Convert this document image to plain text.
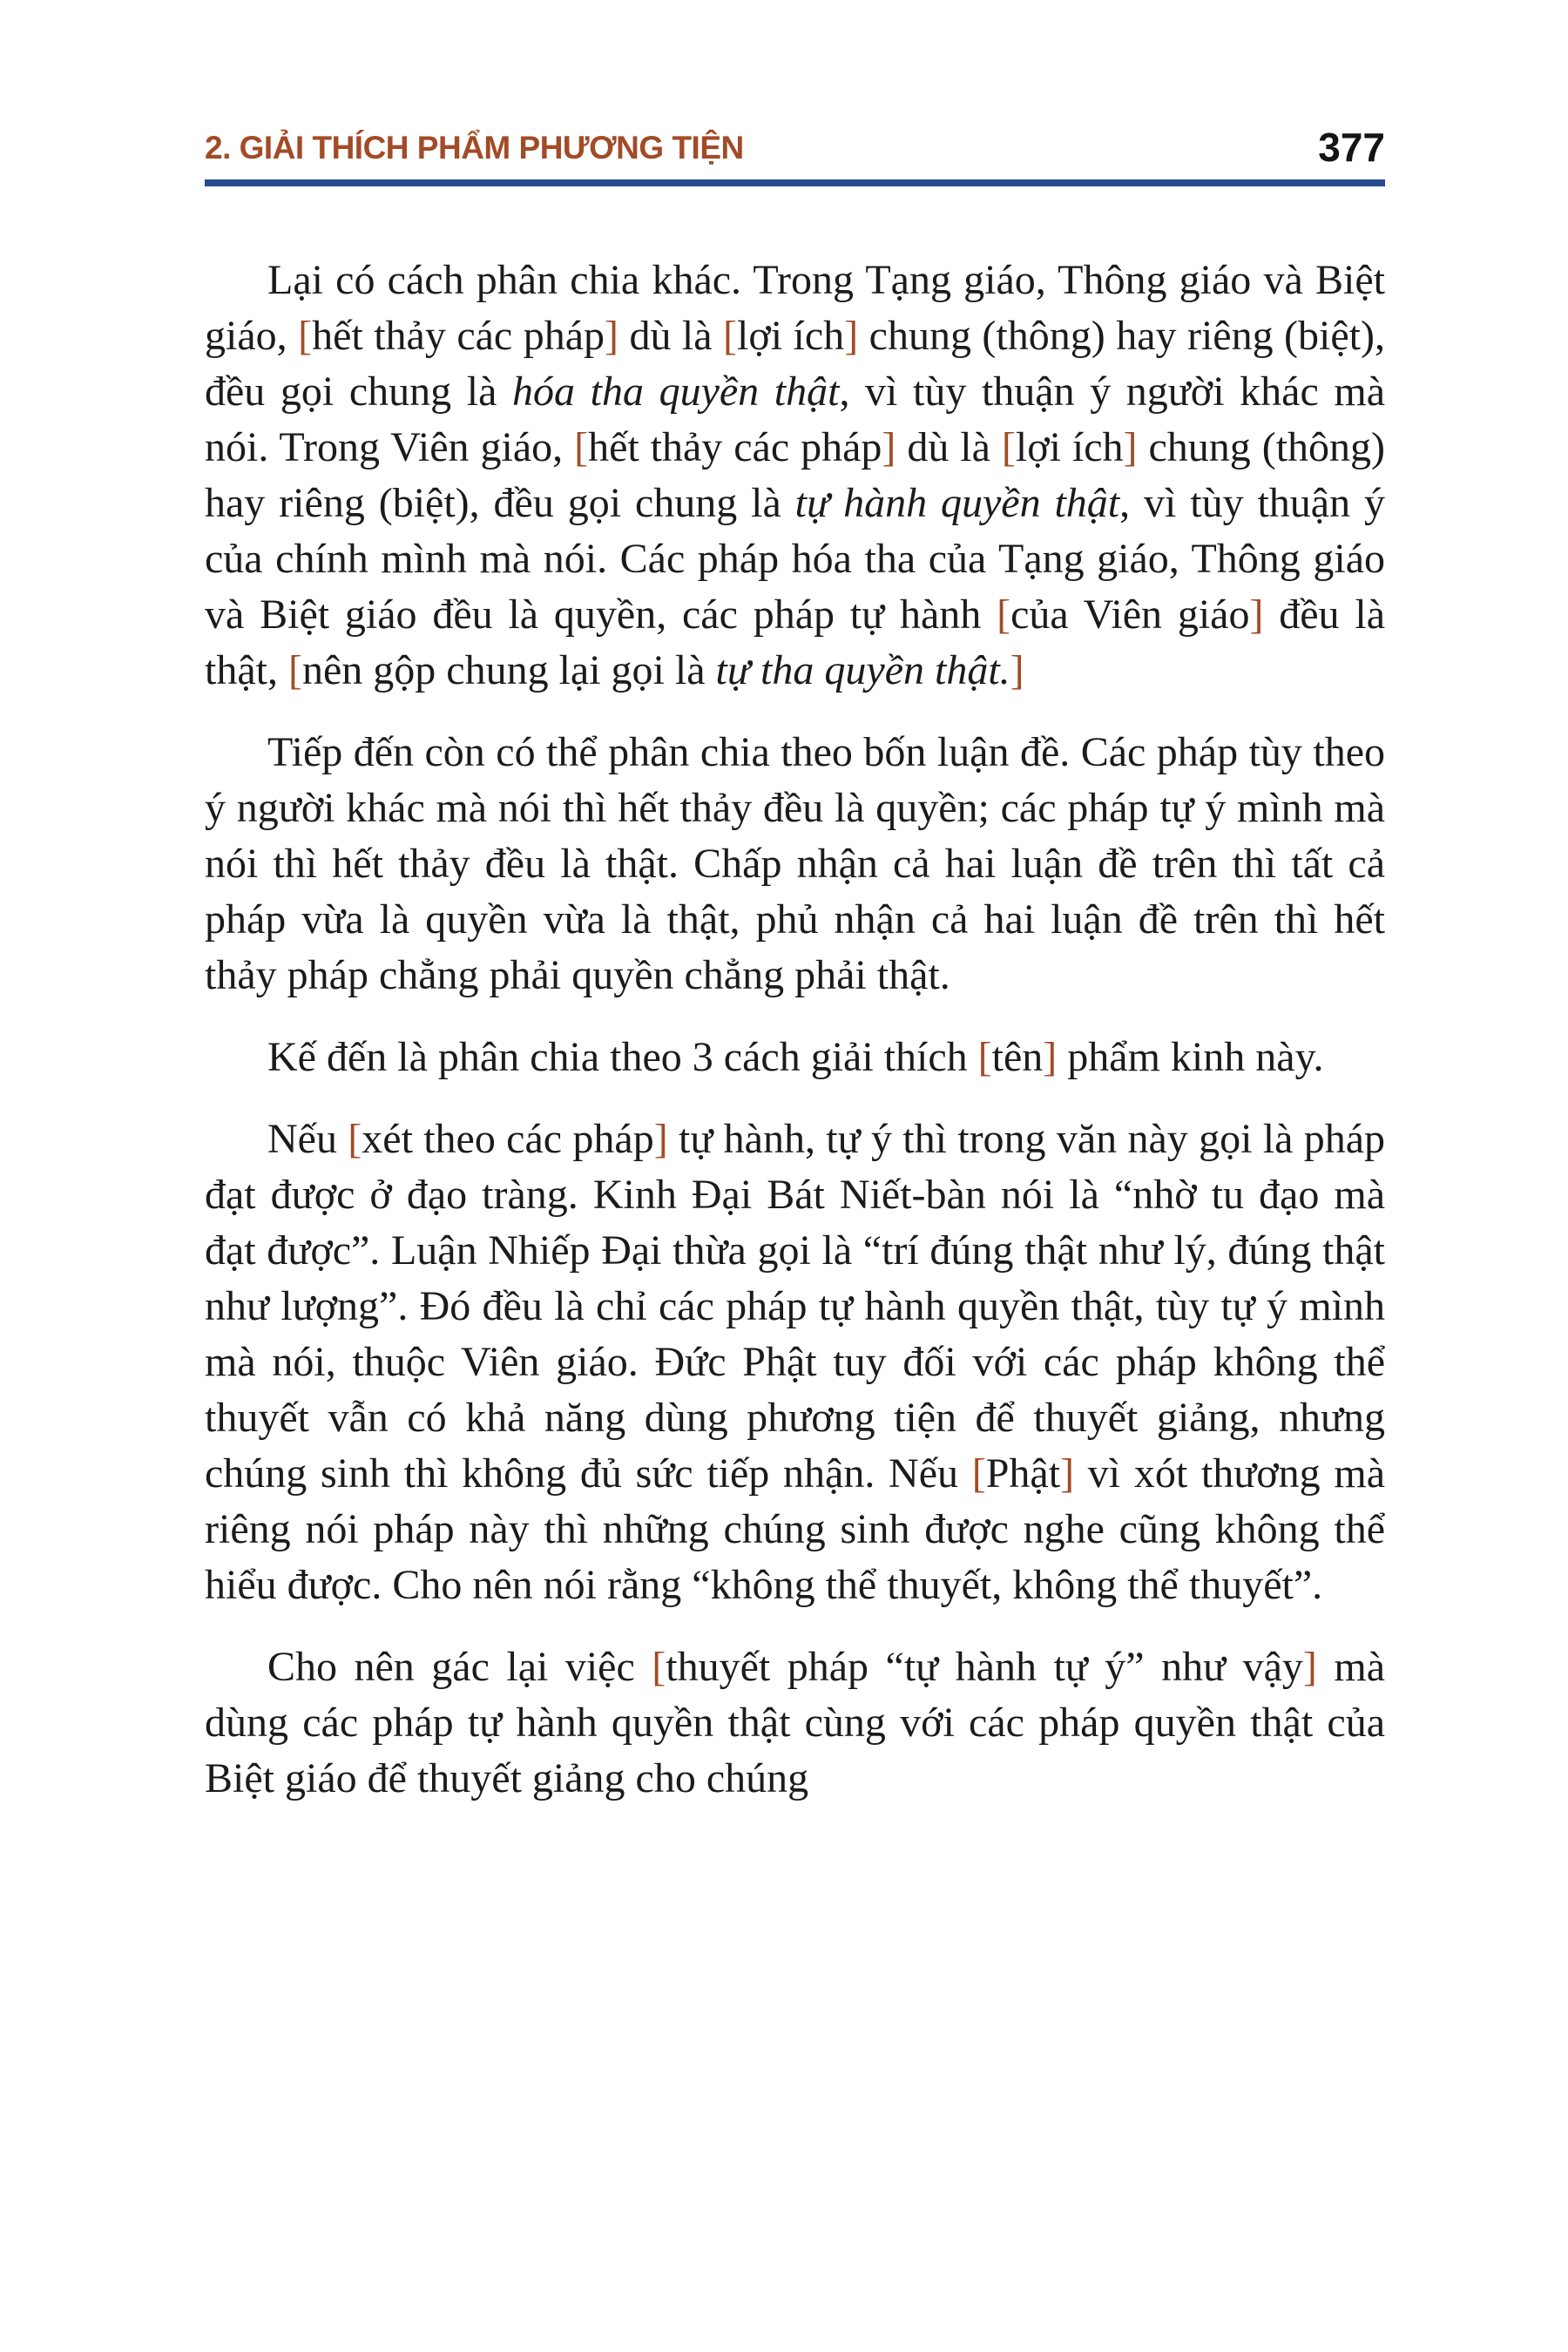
2. GIẢI THÍCH PHẨM PHƯƠNG TIỆN	377

Lại có cách phân chia khác. Trong Tạng giáo, Thông giáo và Biệt giáo, [hết thảy các pháp] dù là [lợi ích] chung (thông) hay riêng (biệt), đều gọi chung là hóa tha quyền thật, vì tùy thuận ý người khác mà nói. Trong Viên giáo, [hết thảy các pháp] dù là [lợi ích] chung (thông) hay riêng (biệt), đều gọi chung là tự hành quyền thật, vì tùy thuận ý của chính mình mà nói. Các pháp hóa tha của Tạng giáo, Thông giáo và Biệt giáo đều là quyền, các pháp tự hành [của Viên giáo] đều là thật, [nên gộp chung lại gọi là tự tha quyền thật.]

Tiếp đến còn có thể phân chia theo bốn luận đề. Các pháp tùy theo ý người khác mà nói thì hết thảy đều là quyền; các pháp tự ý mình mà nói thì hết thảy đều là thật. Chấp nhận cả hai luận đề trên thì tất cả pháp vừa là quyền vừa là thật, phủ nhận cả hai luận đề trên thì hết thảy pháp chẳng phải quyền chẳng phải thật.

Kế đến là phân chia theo 3 cách giải thích [tên] phẩm kinh này.

Nếu [xét theo các pháp] tự hành, tự ý thì trong văn này gọi là pháp đạt được ở đạo tràng. Kinh Đại Bát Niết-bàn nói là “nhờ tu đạo mà đạt được”. Luận Nhiếp Đại thừa gọi là “trí đúng thật như lý, đúng thật như lượng”. Đó đều là chỉ các pháp tự hành quyền thật, tùy tự ý mình mà nói, thuộc Viên giáo. Đức Phật tuy đối với các pháp không thể thuyết vẫn có khả năng dùng phương tiện để thuyết giảng, nhưng chúng sinh thì không đủ sức tiếp nhận. Nếu [Phật] vì xót thương mà riêng nói pháp này thì những chúng sinh được nghe cũng không thể hiểu được. Cho nên nói rằng “không thể thuyết, không thể thuyết”.

Cho nên gác lại việc [thuyết pháp “tự hành tự ý” như vậy] mà dùng các pháp tự hành quyền thật cùng với các pháp quyền thật của Biệt giáo để thuyết giảng cho chúng
